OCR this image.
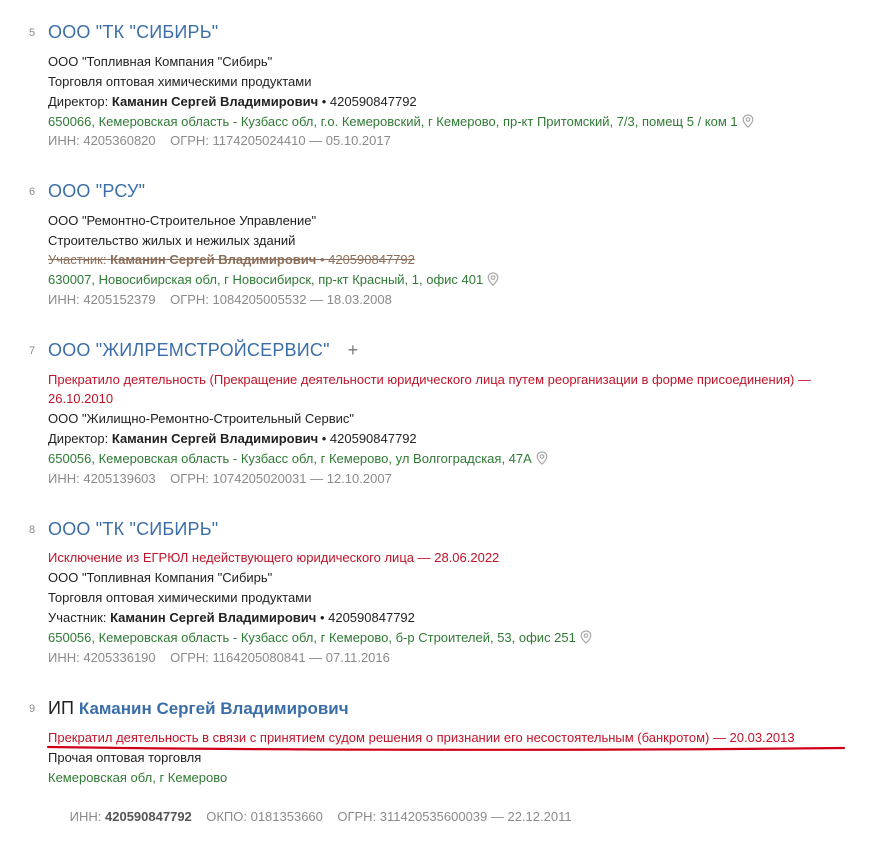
5 ООО "ТК "СИБИРЬ"
ООО "Топливная Компания "Сибирь"
Торговля оптовая химическими продуктами
Директор: Каманин Сергей Владимирович • 420590847792
650066, Кемеровская область - Кузбасс обл, г.о. Кемеровский, г Кемерово, пр-кт Притомский, 7/3, помещ 5 / ком 1
ИНН: 4205360820    ОГРН: 1174205024410 — 05.10.2017
6 ООО "РСУ"
ООО "Ремонтно-Строительное Управление"
Строительство жилых и нежилых зданий
Участник: Каманин Сергей Владимирович • 420590847792
630007, Новосибирская обл, г Новосибирск, пр-кт Красный, 1, офис 401
ИНН: 4205152379    ОГРН: 1084205005532 — 18.03.2008
7 ООО "ЖИЛРЕМСТРОЙСЕРВИС" +
Прекратило деятельность (Прекращение деятельности юридического лица путем реорганизации в форме присоединения) — 26.10.2010
ООО "Жилищно-Ремонтно-Строительный Сервис"
Директор: Каманин Сергей Владимирович • 420590847792
650056, Кемеровская область - Кузбасс обл, г Кемерово, ул Волгоградская, 47А
ИНН: 4205139603    ОГРН: 1074205020031 — 12.10.2007
8 ООО "ТК "СИБИРЬ"
Исключение из ЕГРЮЛ недействующего юридического лица — 28.06.2022
ООО "Топливная Компания "Сибирь"
Торговля оптовая химическими продуктами
Участник: Каманин Сергей Владимирович • 420590847792
650056, Кемеровская область - Кузбасс обл, г Кемерово, б-р Строителей, 53, офис 251
ИНН: 4205336190    ОГРН: 1164205080841 — 07.11.2016
9 ИП Каманин Сергей Владимирович
Прекратил деятельность в связи с принятием судом решения о признании его несостоятельным (банкротом) — 20.03.2013
Прочая оптовая торговля
Кемеровская обл, г Кемерово

ИНН: 420590847792    ОКПО: 0181353660    ОГРН: 311420535600039 — 22.12.2011
